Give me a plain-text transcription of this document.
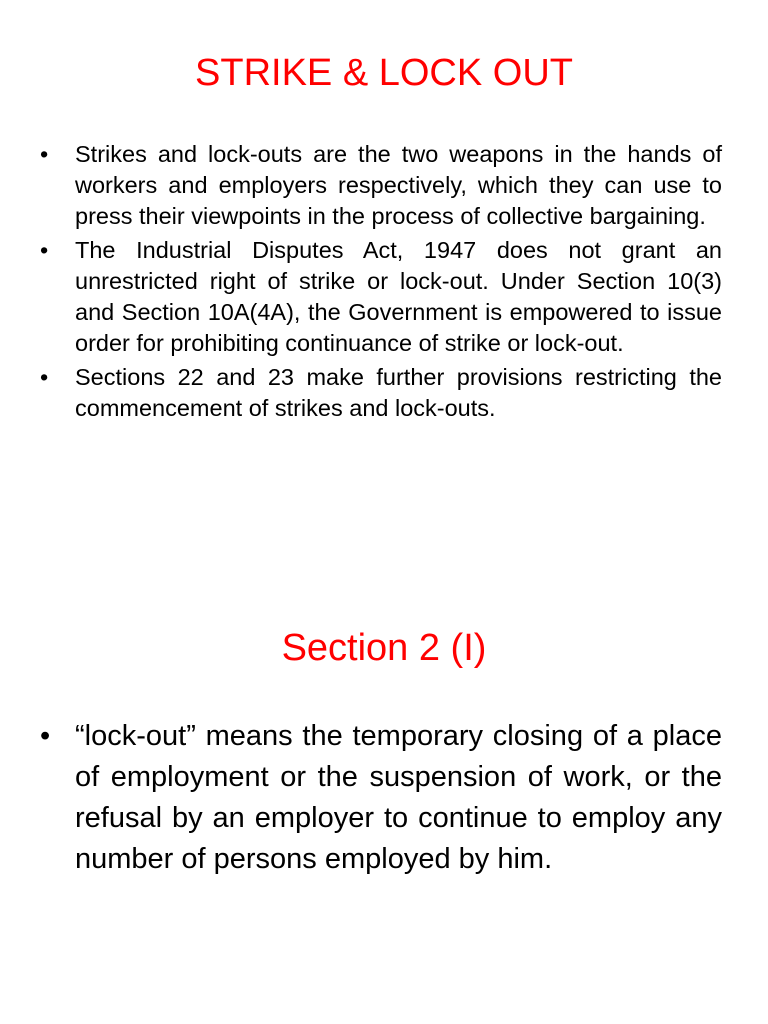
STRIKE & LOCK OUT
• Strikes and lock-outs are the two weapons in the hands of workers and employers respectively, which they can use to press their viewpoints in the process of collective bargaining.
• The Industrial Disputes Act, 1947 does not grant an unrestricted right of strike or lock-out. Under Section 10(3) and Section 10A(4A), the Government is empowered to issue order for prohibiting continuance of strike or lock-out.
• Sections 22 and 23 make further provisions restricting the commencement of strikes and lock-outs.
Section 2 (I)
• “lock-out” means the temporary closing of a place of employment or the suspension of work, or the refusal by an employer to continue to employ any number of persons employed by him.
